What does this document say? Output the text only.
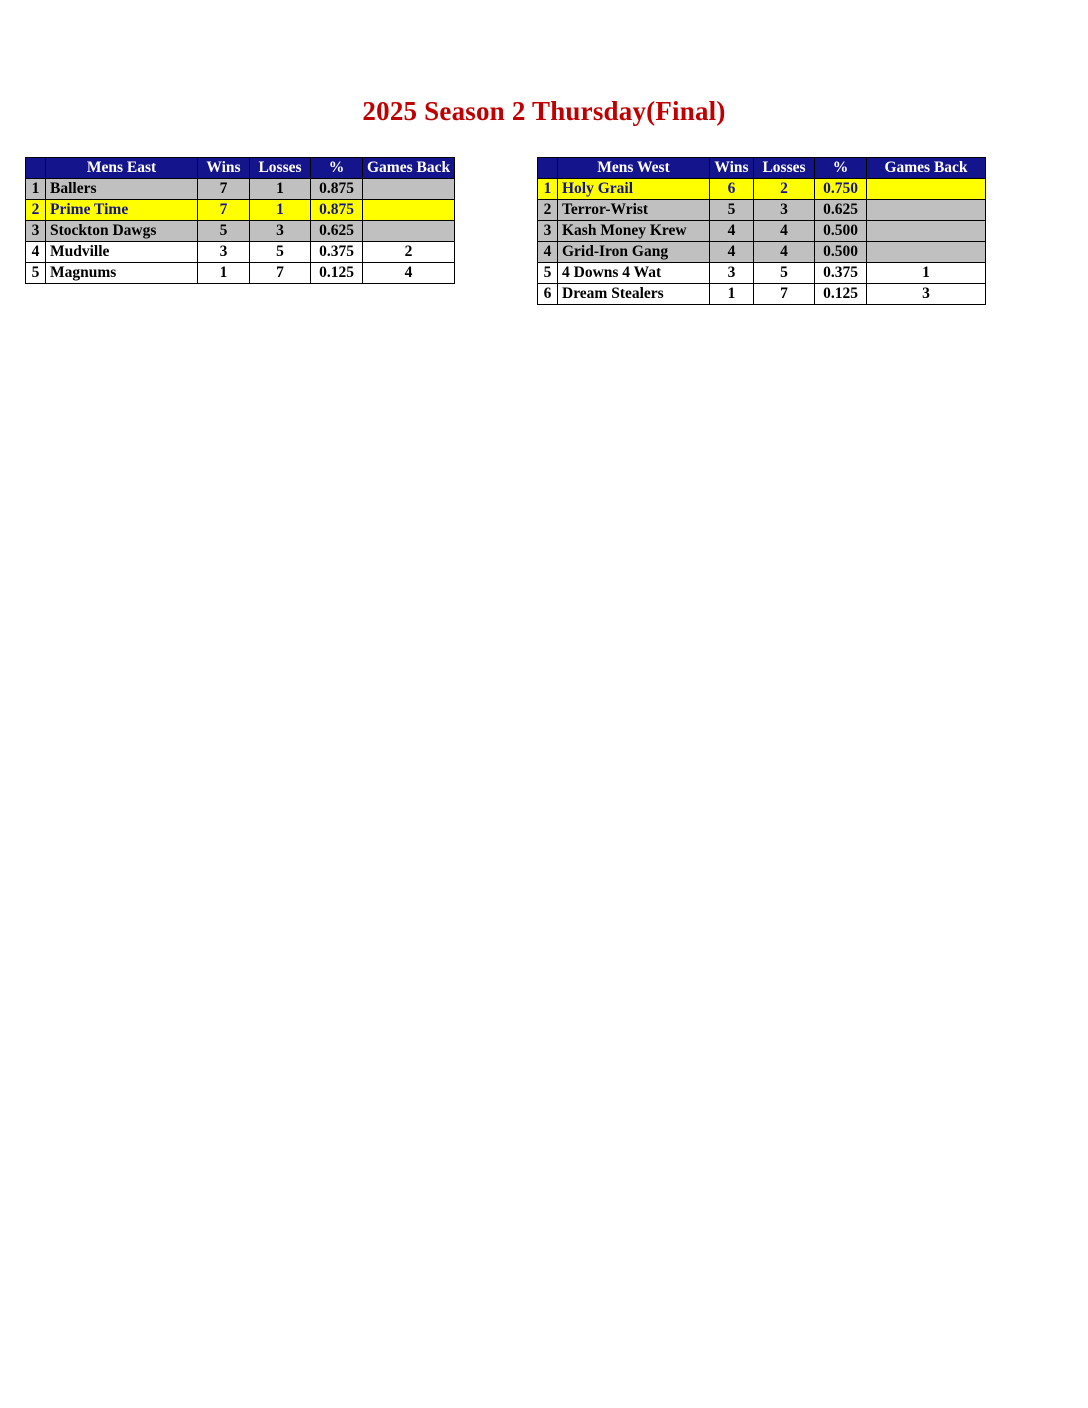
2025 Season 2 Thursday(Final)
	Mens East	Wins	Losses	%	Games Back
1	Ballers	7	1	0.875	
2	Prime Time	7	1	0.875	
3	Stockton Dawgs	5	3	0.625	
4	Mudville	3	5	0.375	2
5	Magnums	1	7	0.125	4
	Mens West	Wins	Losses	%	Games Back
1	Holy Grail	6	2	0.750	
2	Terror-Wrist	5	3	0.625	
3	Kash Money Krew	4	4	0.500	
4	Grid-Iron Gang	4	4	0.500	
5	4 Downs 4 Wat	3	5	0.375	1
6	Dream Stealers	1	7	0.125	3
